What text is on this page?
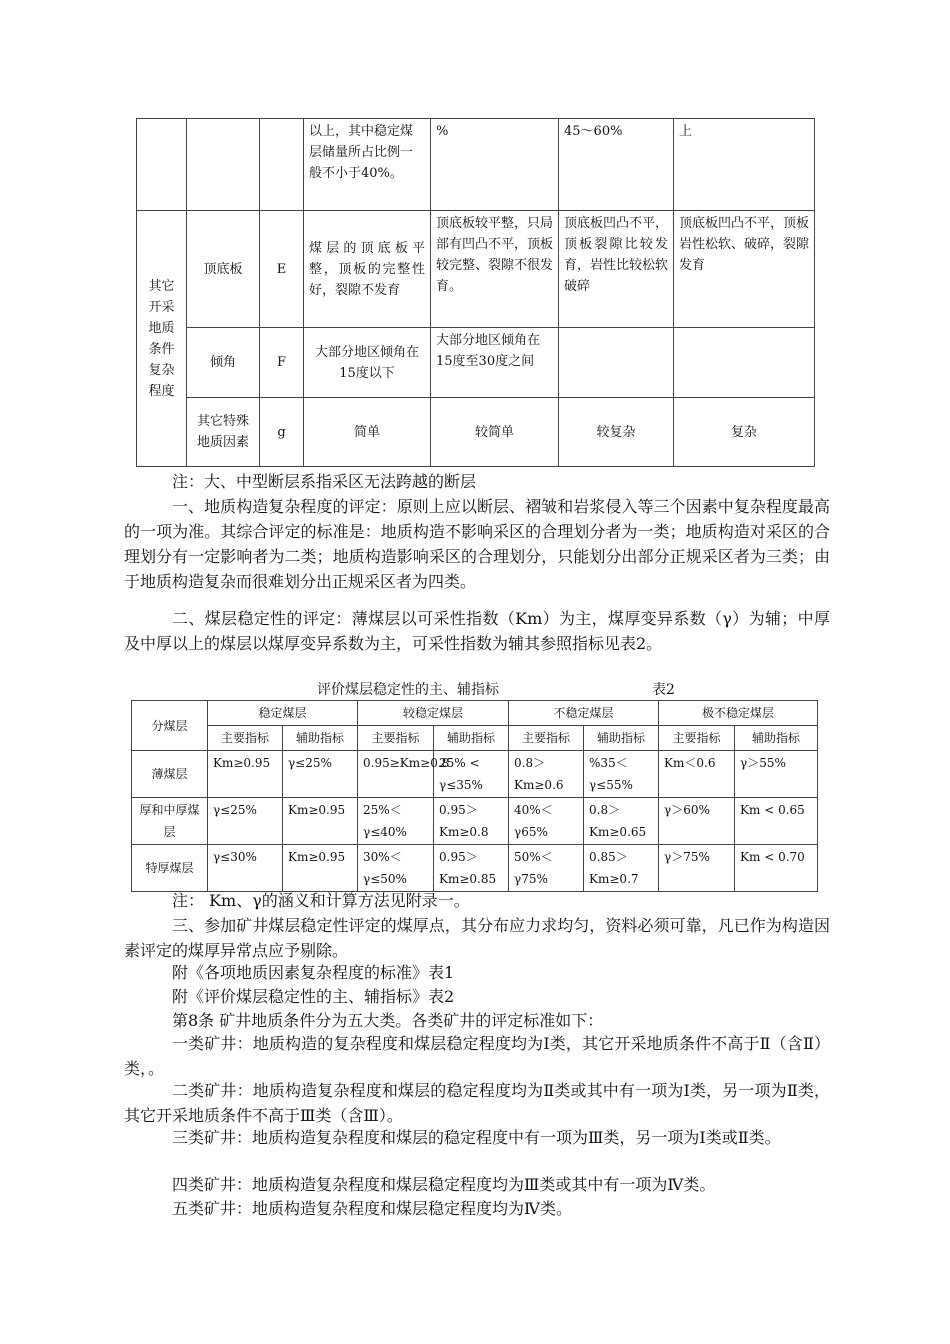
			以上，其中稳定煤层储量所占比例一般不小于40%。	%	45～60%	上
其它开采地质条件复杂程度	顶底板	E	煤层的顶底板平整，顶板的完整性好，裂隙不发育	顶底板较平整，只局部有凹凸不平，顶板较完整、裂隙不很发育。	顶底板凹凸不平，顶板裂隙比较发育，岩性比较松软破碎	顶底板凹凸不平，顶板岩性松软、破碎，裂隙发育
	倾角	F	大部分地区倾角在15度以下	大部分地区倾角在15度至30度之间		
	其它特殊地质因素	g	简单	较简单	较复杂	复杂

注：大、中型断层系指采区无法跨越的断层

一、地质构造复杂程度的评定：原则上应以断层、褶皱和岩浆侵入等三个因素中复杂程度最高的一项为准。其综合评定的标准是：地质构造不影响采区的合理划分者为一类；地质构造对采区的合理划分有一定影响者为二类；地质构造影响采区的合理划分，只能划分出部分正规采区者为三类；由于地质构造复杂而很难划分出正规采区者为四类。

二、煤层稳定性的评定：薄煤层以可采性指数（Km）为主，煤厚变异系数（γ）为辅；中厚及中厚以上的煤层以煤厚变异系数为主，可采性指数为辅其参照指标见表2。

评价煤层稳定性的主、辅指标	表2
分煤层	稳定煤层		较稳定煤层		不稳定煤层		极不稳定煤层	
	主要指标	辅助指标	主要指标	辅助指标	主要指标	辅助指标	主要指标	辅助指标
薄煤层	Km≥0.95	γ≤25%	0.95≥Km≥0.8	25% < γ≤35%	0.8＞Km≥0.6	%35＜γ≤55%	Km＜0.6	γ＞55%
厚和中厚煤层	γ≤25%	Km≥0.95	25%＜γ≤40%	0.95＞Km≥0.8	40%＜γ65%	0.8＞Km≥0.65	γ＞60%	Km < 0.65
特厚煤层	γ≤30%	Km≥0.95	30%＜γ≤50%	0.95＞Km≥0.85	50%＜γ75%	0.85＞Km≥0.7	γ＞75%	Km < 0.70

注： Km、γ的涵义和计算方法见附录一。

三、参加矿井煤层稳定性评定的煤厚点，其分布应力求均匀，资料必须可靠，凡已作为构造因素评定的煤厚异常点应予剔除。

附《各项地质因素复杂程度的标准》表1

附《评价煤层稳定性的主、辅指标》表2

第8条 矿井地质条件分为五大类。各类矿井的评定标准如下：

一类矿井：地质构造的复杂程度和煤层稳定程度均为Ⅰ类，其它开采地质条件不高于Ⅱ（含Ⅱ）类，。

二类矿井：地质构造复杂程度和煤层的稳定程度均为Ⅱ类或其中有一项为Ⅰ类，另一项为Ⅱ类，其它开采地质条件不高于Ⅲ类（含Ⅲ）。

三类矿井：地质构造复杂程度和煤层的稳定程度中有一项为Ⅲ类，另一项为Ⅰ类或Ⅱ类。

四类矿井：地质构造复杂程度和煤层稳定程度均为Ⅲ类或其中有一项为Ⅳ类。

五类矿井：地质构造复杂程度和煤层稳定程度均为Ⅳ类。
